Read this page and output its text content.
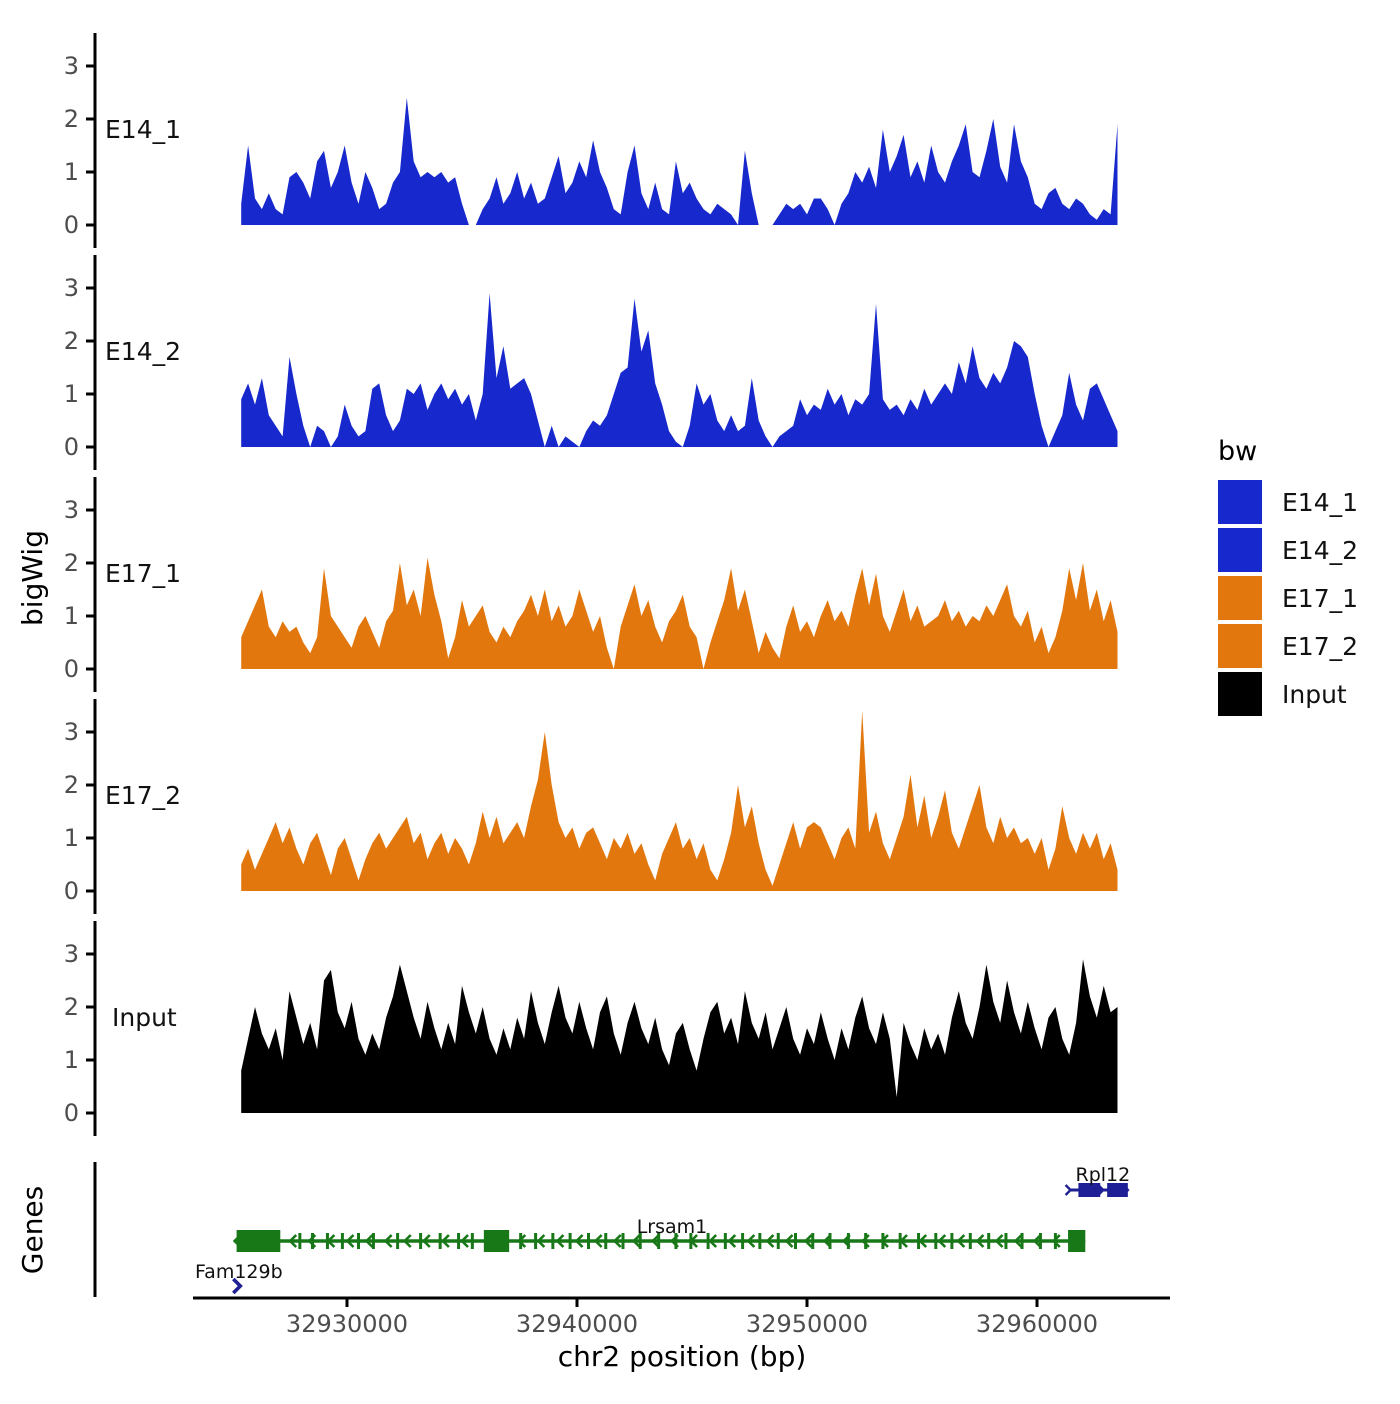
0
1
2
3
E14_1
0
1
2
3
E14_2
0
1
2
3
E17_1
0
1
2
3
E17_2
0
1
2
3
Input
bigWig
Lrsam1
Rpl12
Fam129b
Genes
32930000	32940000	32950000	32960000
chr2 position (bp)
bw
E14_1
E14_2
E17_1
E17_2
Input
